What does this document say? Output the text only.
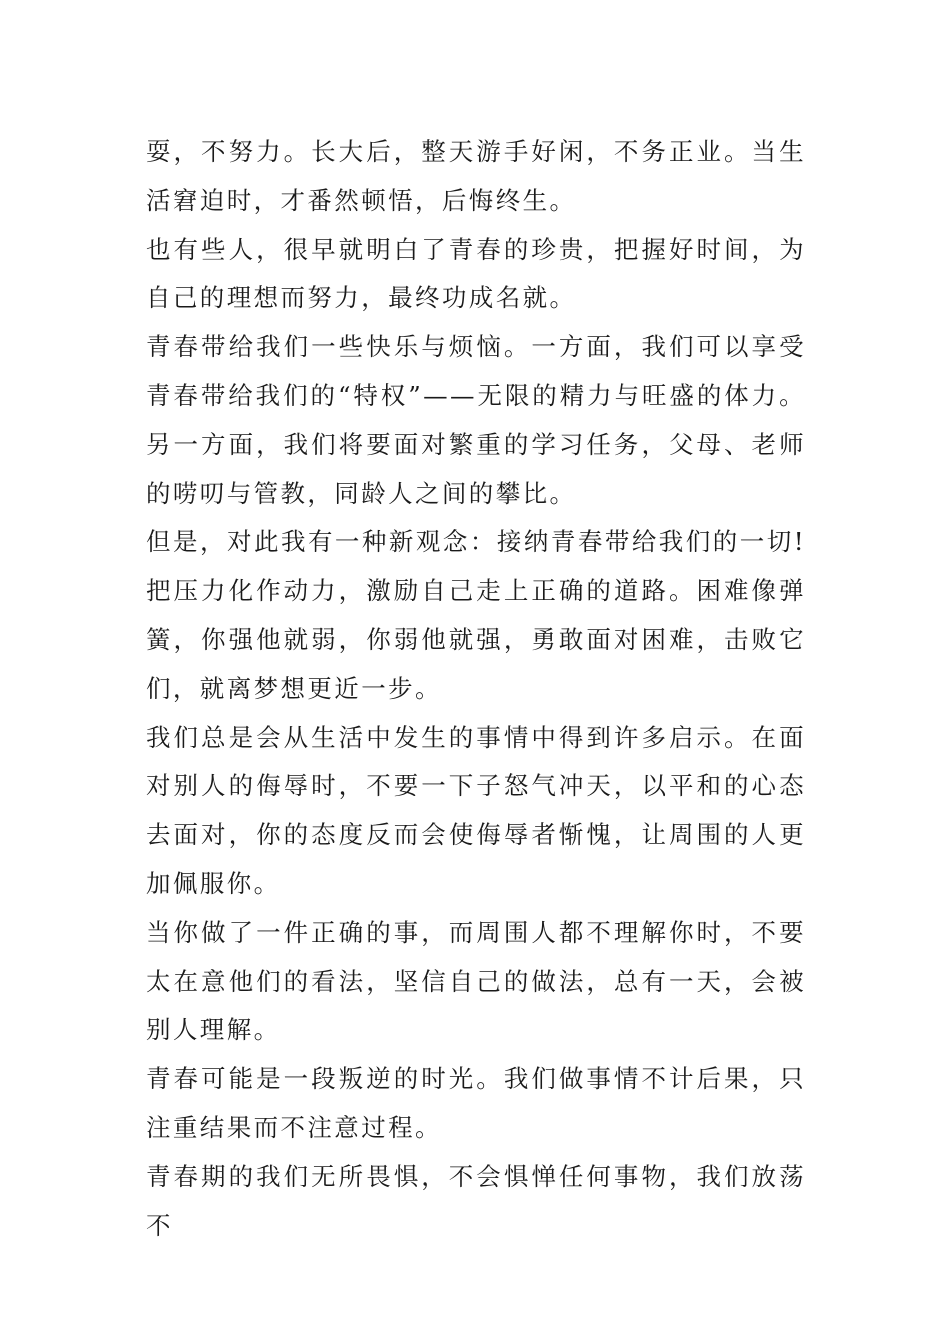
耍，不努力。长大后，整天游手好闲，不务正业。当生活窘迫时，才番然顿悟，后悔终生。

也有些人，很早就明白了青春的珍贵，把握好时间，为自己的理想而努力，最终功成名就。

青春带给我们一些快乐与烦恼。一方面，我们可以享受青春带给我们的“特权”——无限的精力与旺盛的体力。另一方面，我们将要面对繁重的学习任务，父母、老师的唠叨与管教，同龄人之间的攀比。

但是，对此我有一种新观念：接纳青春带给我们的一切!把压力化作动力，激励自己走上正确的道路。困难像弹簧，你强他就弱，你弱他就强，勇敢面对困难，击败它们，就离梦想更近一步。

我们总是会从生活中发生的事情中得到许多启示。在面对别人的侮辱时，不要一下子怒气冲天，以平和的心态去面对，你的态度反而会使侮辱者惭愧，让周围的人更加佩服你。

当你做了一件正确的事，而周围人都不理解你时，不要太在意他们的看法，坚信自己的做法，总有一天，会被别人理解。

青春可能是一段叛逆的时光。我们做事情不计后果，只注重结果而不注意过程。

青春期的我们无所畏惧，不会惧惮任何事物，我们放荡不
